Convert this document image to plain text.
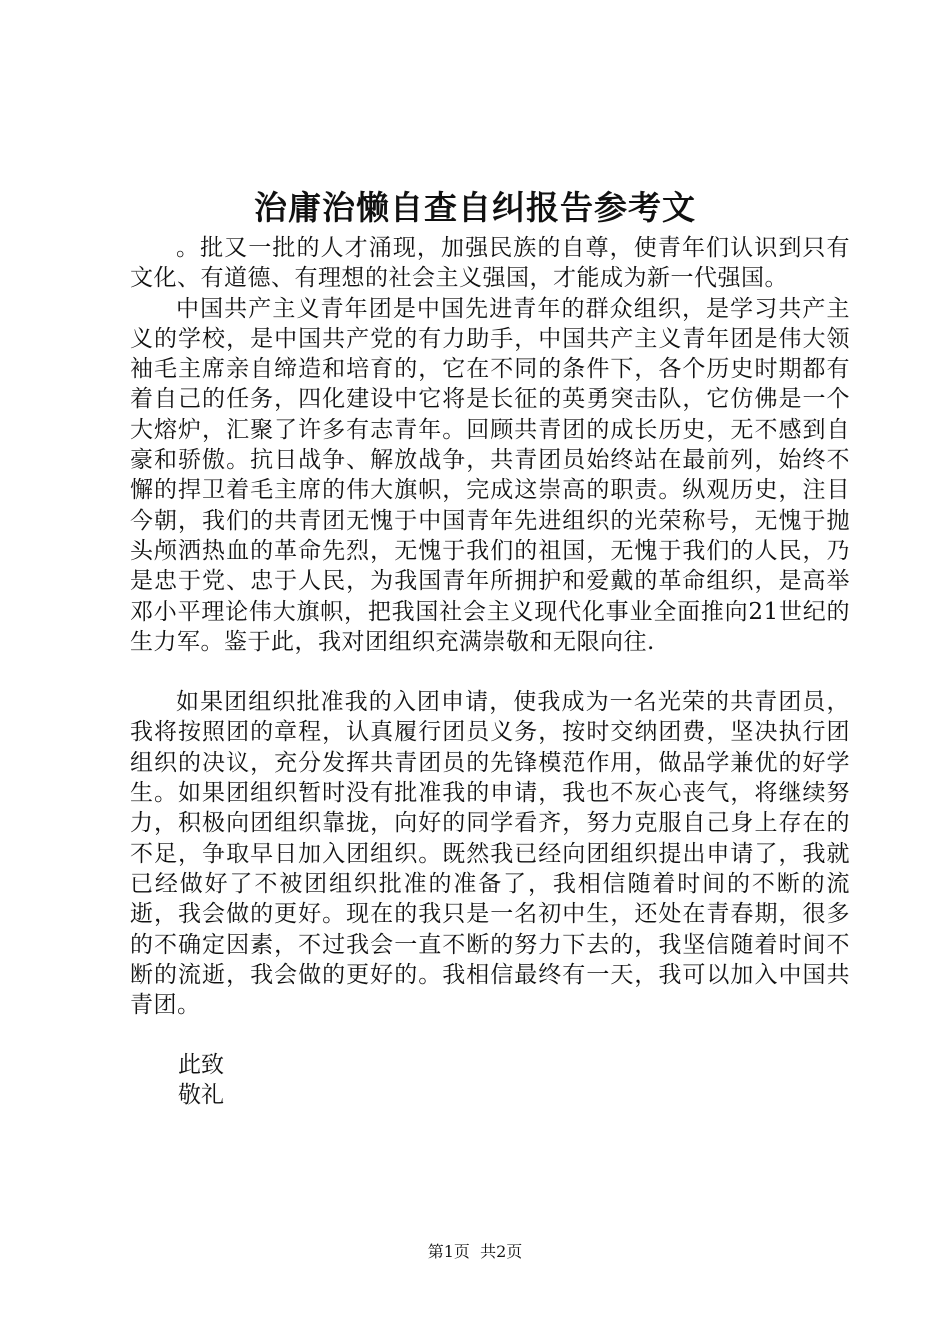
治庸治懒自查自纠报告参考文

。批又一批的人才涌现，加强民族的自尊，使青年们认识到只有文化、有道德、有理想的社会主义强国，才能成为新一代强国。

中国共产主义青年团是中国先进青年的群众组织，是学习共产主义的学校，是中国共产党的有力助手，中国共产主义青年团是伟大领袖毛主席亲自缔造和培育的，它在不同的条件下，各个历史时期都有着自己的任务，四化建设中它将是长征的英勇突击队，它仿佛是一个大熔炉，汇聚了许多有志青年。回顾共青团的成长历史，无不感到自豪和骄傲。抗日战争、解放战争，共青团员始终站在最前列，始终不懈的捍卫着毛主席的伟大旗帜，完成这崇高的职责。纵观历史，注目今朝，我们的共青团无愧于中国青年先进组织的光荣称号，无愧于抛头颅洒热血的革命先烈，无愧于我们的祖国，无愧于我们的人民，乃是忠于党、忠于人民，为我国青年所拥护和爱戴的革命组织，是高举邓小平理论伟大旗帜，把我国社会主义现代化事业全面推向21世纪的生力军。鉴于此，我对团组织充满崇敬和无限向往.

如果团组织批准我的入团申请，使我成为一名光荣的共青团员，我将按照团的章程，认真履行团员义务，按时交纳团费，坚决执行团组织的决议，充分发挥共青团员的先锋模范作用，做品学兼优的好学生。如果团组织暂时没有批准我的申请，我也不灰心丧气，将继续努力，积极向团组织靠拢，向好的同学看齐，努力克服自己身上存在的不足，争取早日加入团组织。既然我已经向团组织提出申请了，我就已经做好了不被团组织批准的准备了，我相信随着时间的不断的流逝，我会做的更好。现在的我只是一名初中生，还处在青春期，很多的不确定因素，不过我会一直不断的努力下去的，我坚信随着时间不断的流逝，我会做的更好的。我相信最终有一天，我可以加入中国共青团。

此致

敬礼

第1页  共2页
